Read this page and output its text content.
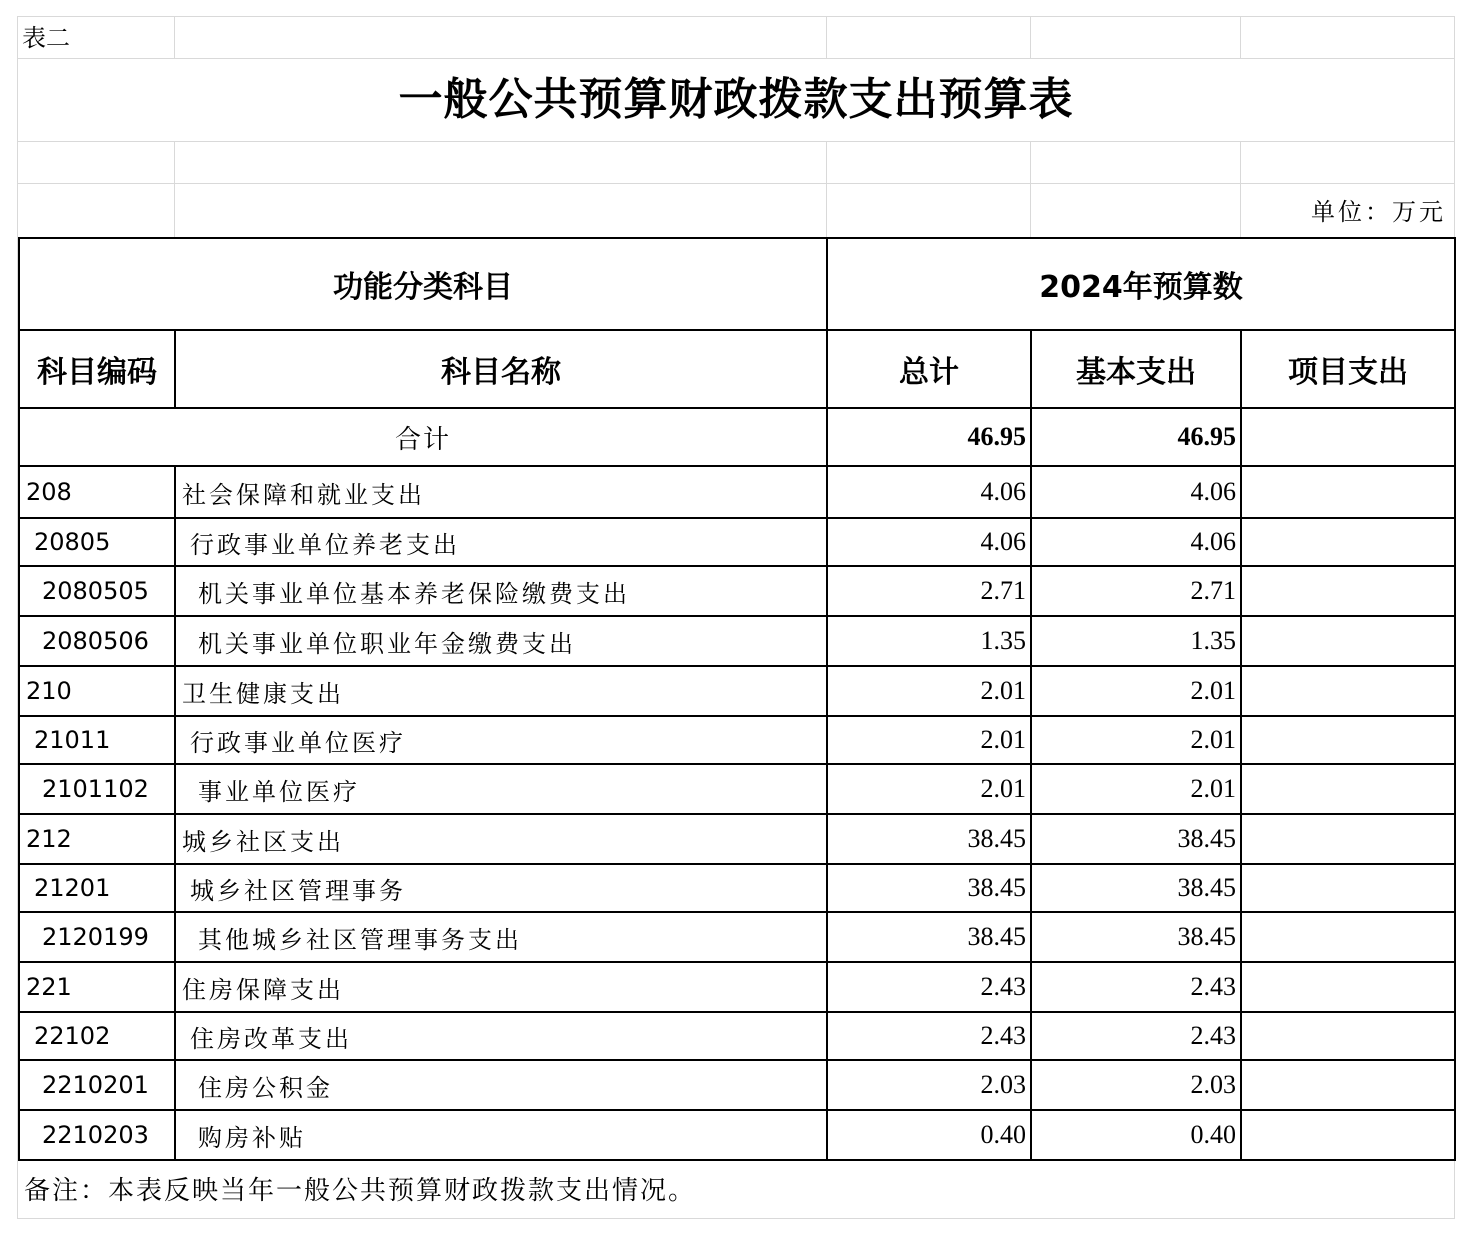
表二
一般公共预算财政拨款支出预算表
单位：万元
功能分类科目		2024年预算数		
科目编码	科目名称	总计	基本支出	项目支出
合计		46.95	46.95	
208	社会保障和就业支出	4.06	4.06	
20805	行政事业单位养老支出	4.06	4.06	
2080505	机关事业单位基本养老保险缴费支出	2.71	2.71	
2080506	机关事业单位职业年金缴费支出	1.35	1.35	
210	卫生健康支出	2.01	2.01	
21011	行政事业单位医疗	2.01	2.01	
2101102	事业单位医疗	2.01	2.01	
212	城乡社区支出	38.45	38.45	
21201	城乡社区管理事务	38.45	38.45	
2120199	其他城乡社区管理事务支出	38.45	38.45	
221	住房保障支出	2.43	2.43	
22102	住房改革支出	2.43	2.43	
2210201	住房公积金	2.03	2.03	
2210203	购房补贴	0.40	0.40	
备注：本表反映当年一般公共预算财政拨款支出情况。
